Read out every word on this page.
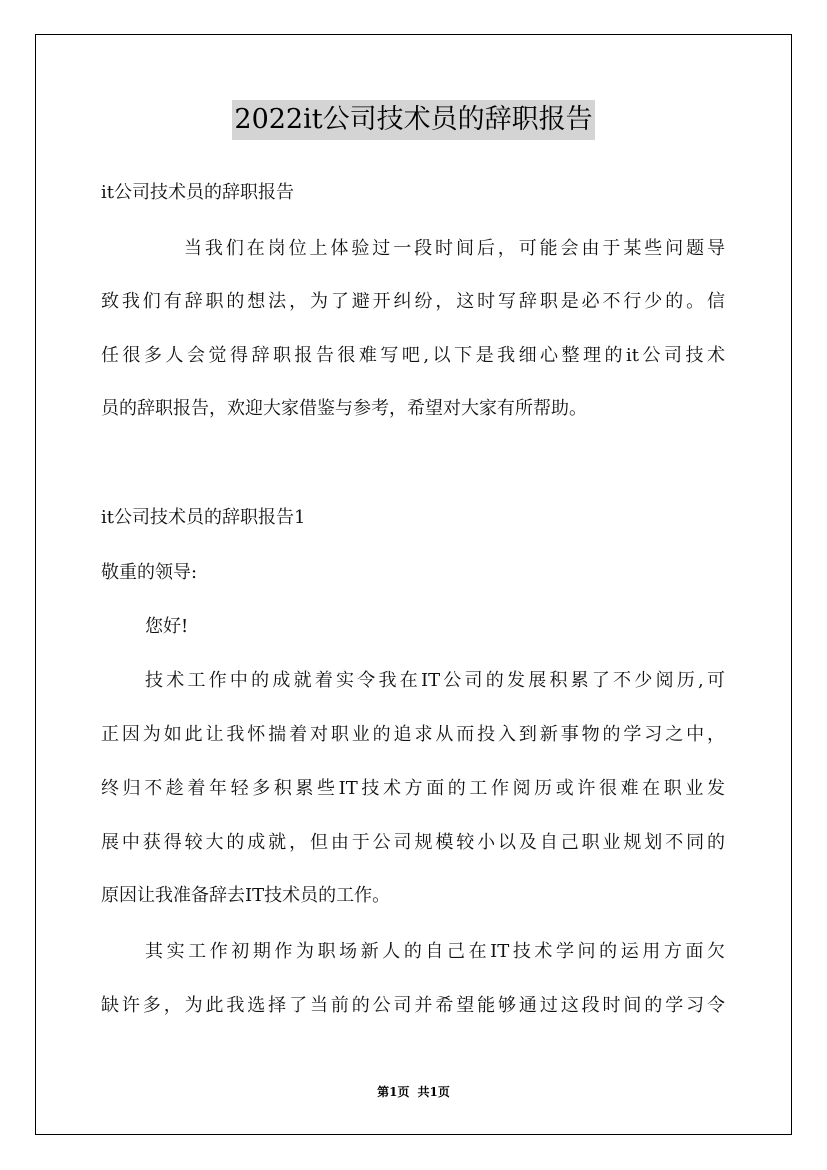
2022it公司技术员的辞职报告
it公司技术员的辞职报告
当我们在岗位上体验过一段时间后，可能会由于某些问题导
致我们有辞职的想法，为了避开纠纷，这时写辞职是必不行少的。信
任很多人会觉得辞职报告很难写吧,以下是我细心整理的it公司技术
员的辞职报告，欢迎大家借鉴与参考，希望对大家有所帮助。
it公司技术员的辞职报告1
敬重的领导:
您好!
技术工作中的成就着实令我在IT公司的发展积累了不少阅历,可
正因为如此让我怀揣着对职业的追求从而投入到新事物的学习之中，
终归不趁着年轻多积累些IT技术方面的工作阅历或许很难在职业发
展中获得较大的成就，但由于公司规模较小以及自己职业规划不同的
原因让我准备辞去IT技术员的工作。
其实工作初期作为职场新人的自己在IT技术学问的运用方面欠
缺许多，为此我选择了当前的公司并希望能够通过这段时间的学习令
第1页 共1页
